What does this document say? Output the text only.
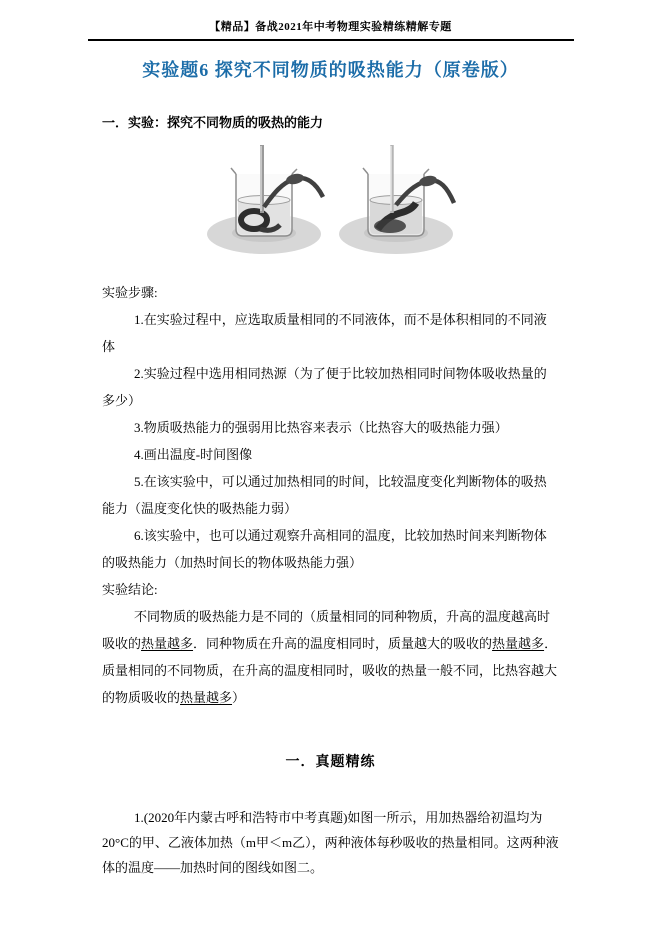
【精品】备战2021年中考物理实验精练精解专题
实验题6 探究不同物质的吸热能力（原卷版）
一．实验：探究不同物质的吸热的能力

实验步骤:

1.在实验过程中，应选取质量相同的不同液体，而不是体积相同的不同液体

2.实验过程中选用相同热源（为了便于比较加热相同时间物体吸收热量的多少）

3.物质吸热能力的强弱用比热容来表示（比热容大的吸热能力强）

4.画出温度-时间图像

5.在该实验中，可以通过加热相同的时间，比较温度变化判断物体的吸热能力（温度变化快的吸热能力弱）

6.该实验中，也可以通过观察升高相同的温度，比较加热时间来判断物体的吸热能力（加热时间长的物体吸热能力强）

实验结论:

不同物质的吸热能力是不同的（质量相同的同种物质，升高的温度越高时吸收的热量越多．同种物质在升高的温度相同时，质量越大的吸收的热量越多．质量相同的不同物质，在升高的温度相同时，吸收的热量一般不同，比热容越大的物质吸收的热量越多）

一．真题精练

1.(2020年内蒙古呼和浩特市中考真题)如图一所示，用加热器给初温均为20°C的甲、乙液体加热（m甲＜m乙），两种液体每秒吸收的热量相同。这两种液体的温度——加热时间的图线如图二。
